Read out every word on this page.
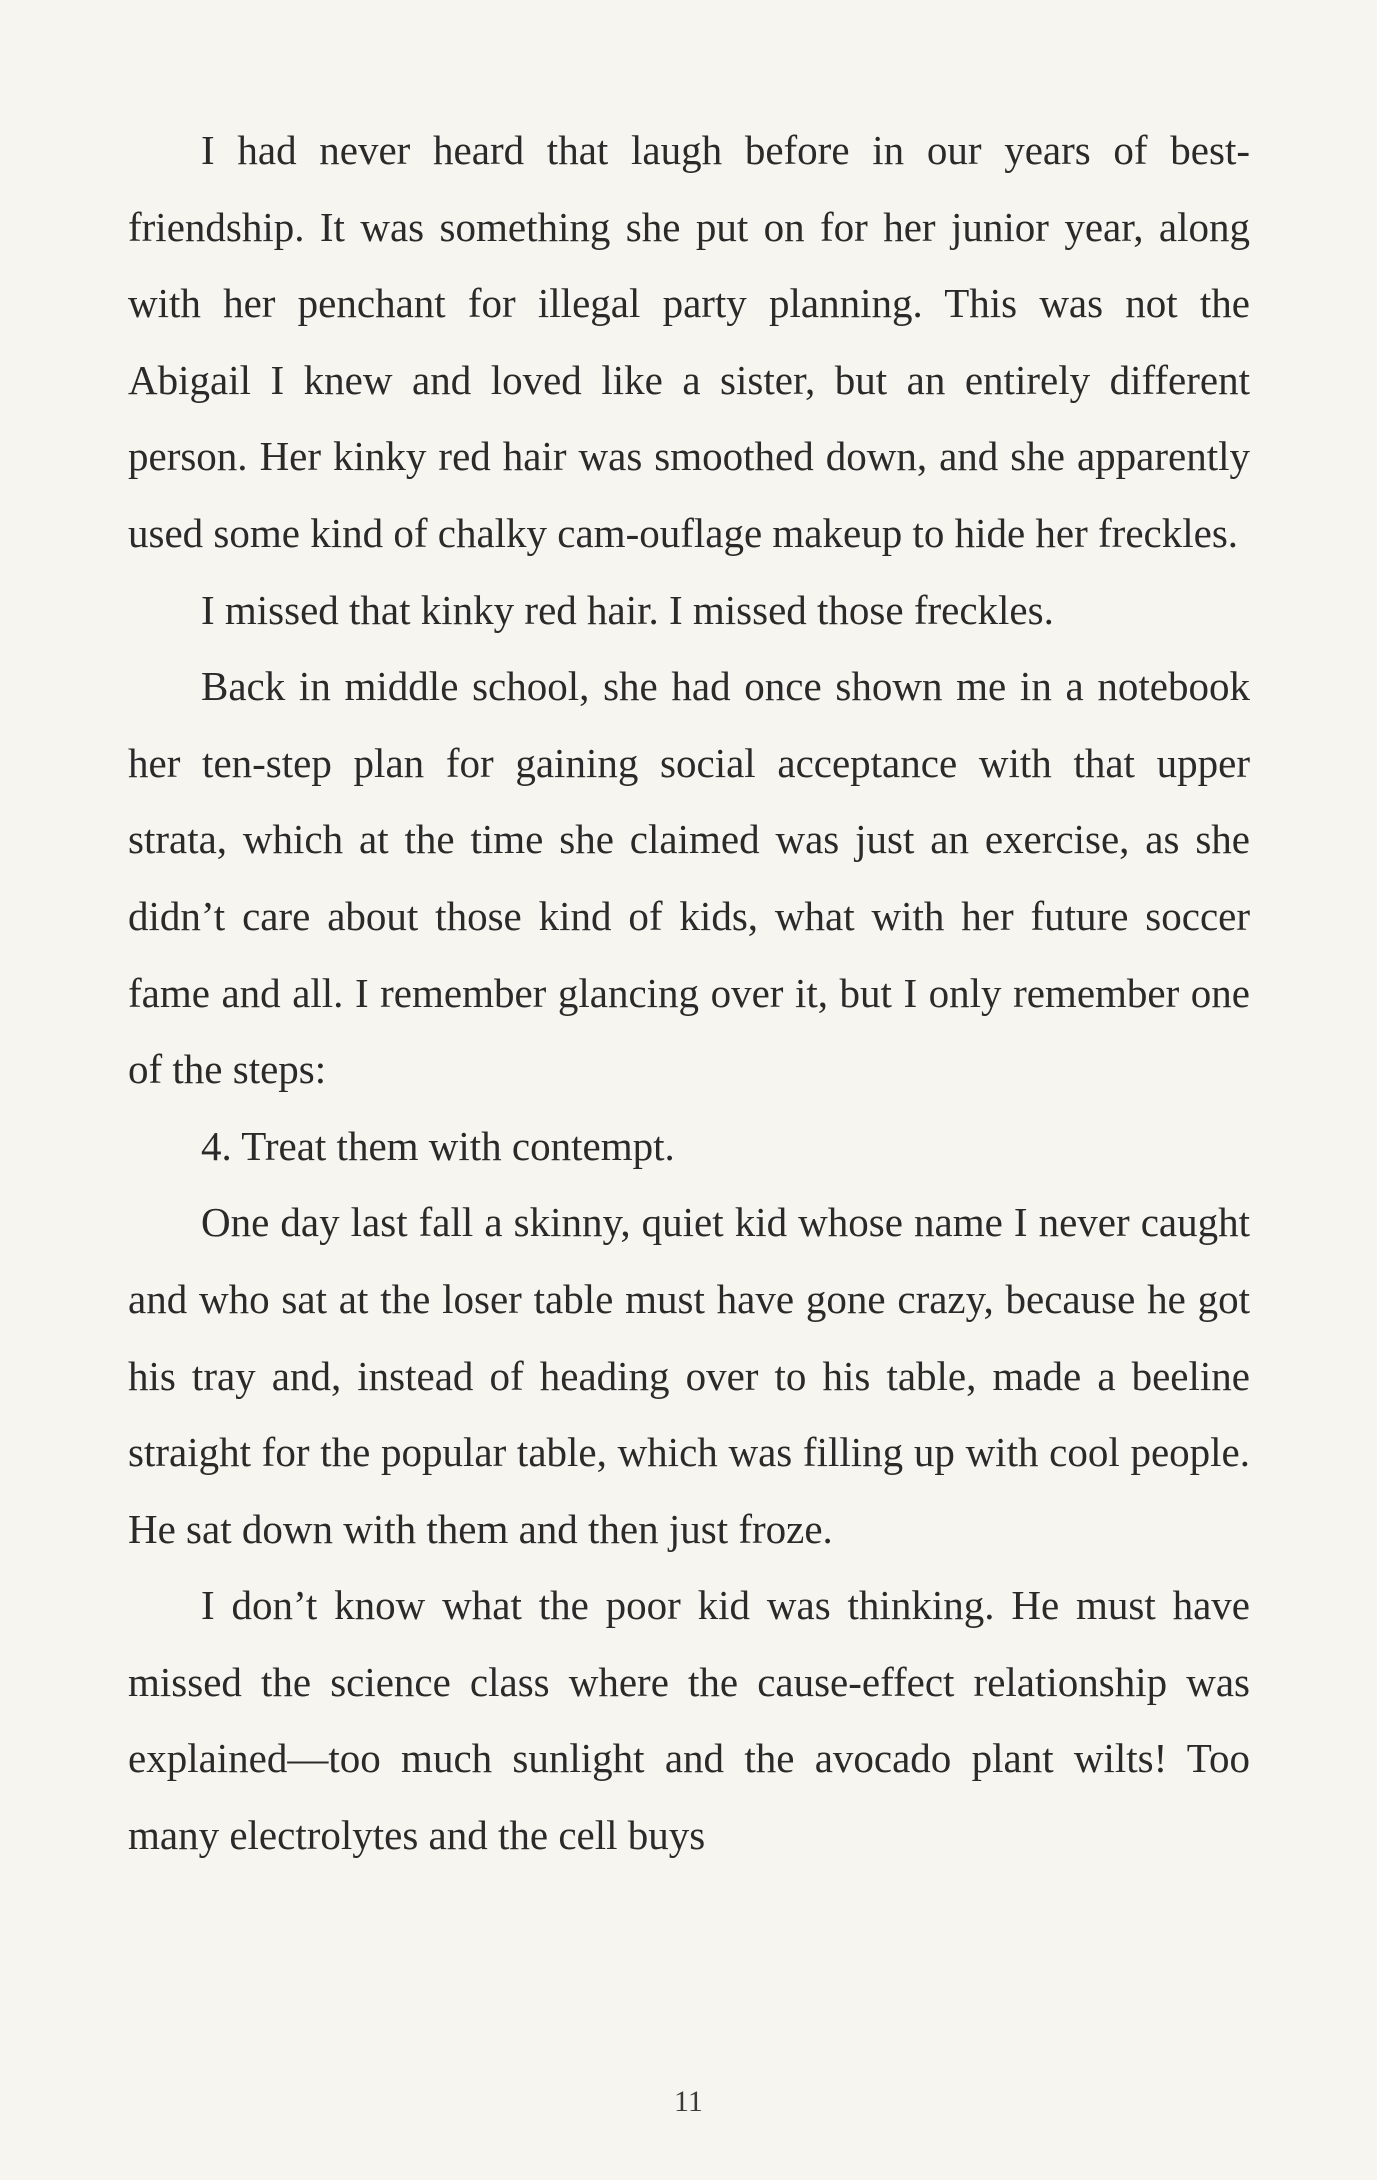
I had never heard that laugh before in our years of best-friendship. It was something she put on for her junior year, along with her penchant for illegal party planning. This was not the Abigail I knew and loved like a sister, but an entirely different person. Her kinky red hair was smoothed down, and she apparently used some kind of chalky cam-ouflage makeup to hide her freckles.

I missed that kinky red hair. I missed those freckles.

Back in middle school, she had once shown me in a notebook her ten-step plan for gaining social acceptance with that upper strata, which at the time she claimed was just an exercise, as she didn’t care about those kind of kids, what with her future soccer fame and all. I remember glancing over it, but I only remember one of the steps:

4. Treat them with contempt.

One day last fall a skinny, quiet kid whose name I never caught and who sat at the loser table must have gone crazy, because he got his tray and, instead of heading over to his table, made a beeline straight for the popular table, which was filling up with cool people. He sat down with them and then just froze.

I don’t know what the poor kid was thinking. He must have missed the science class where the cause-effect relationship was explained—too much sunlight and the avocado plant wilts! Too many electrolytes and the cell buys

11
